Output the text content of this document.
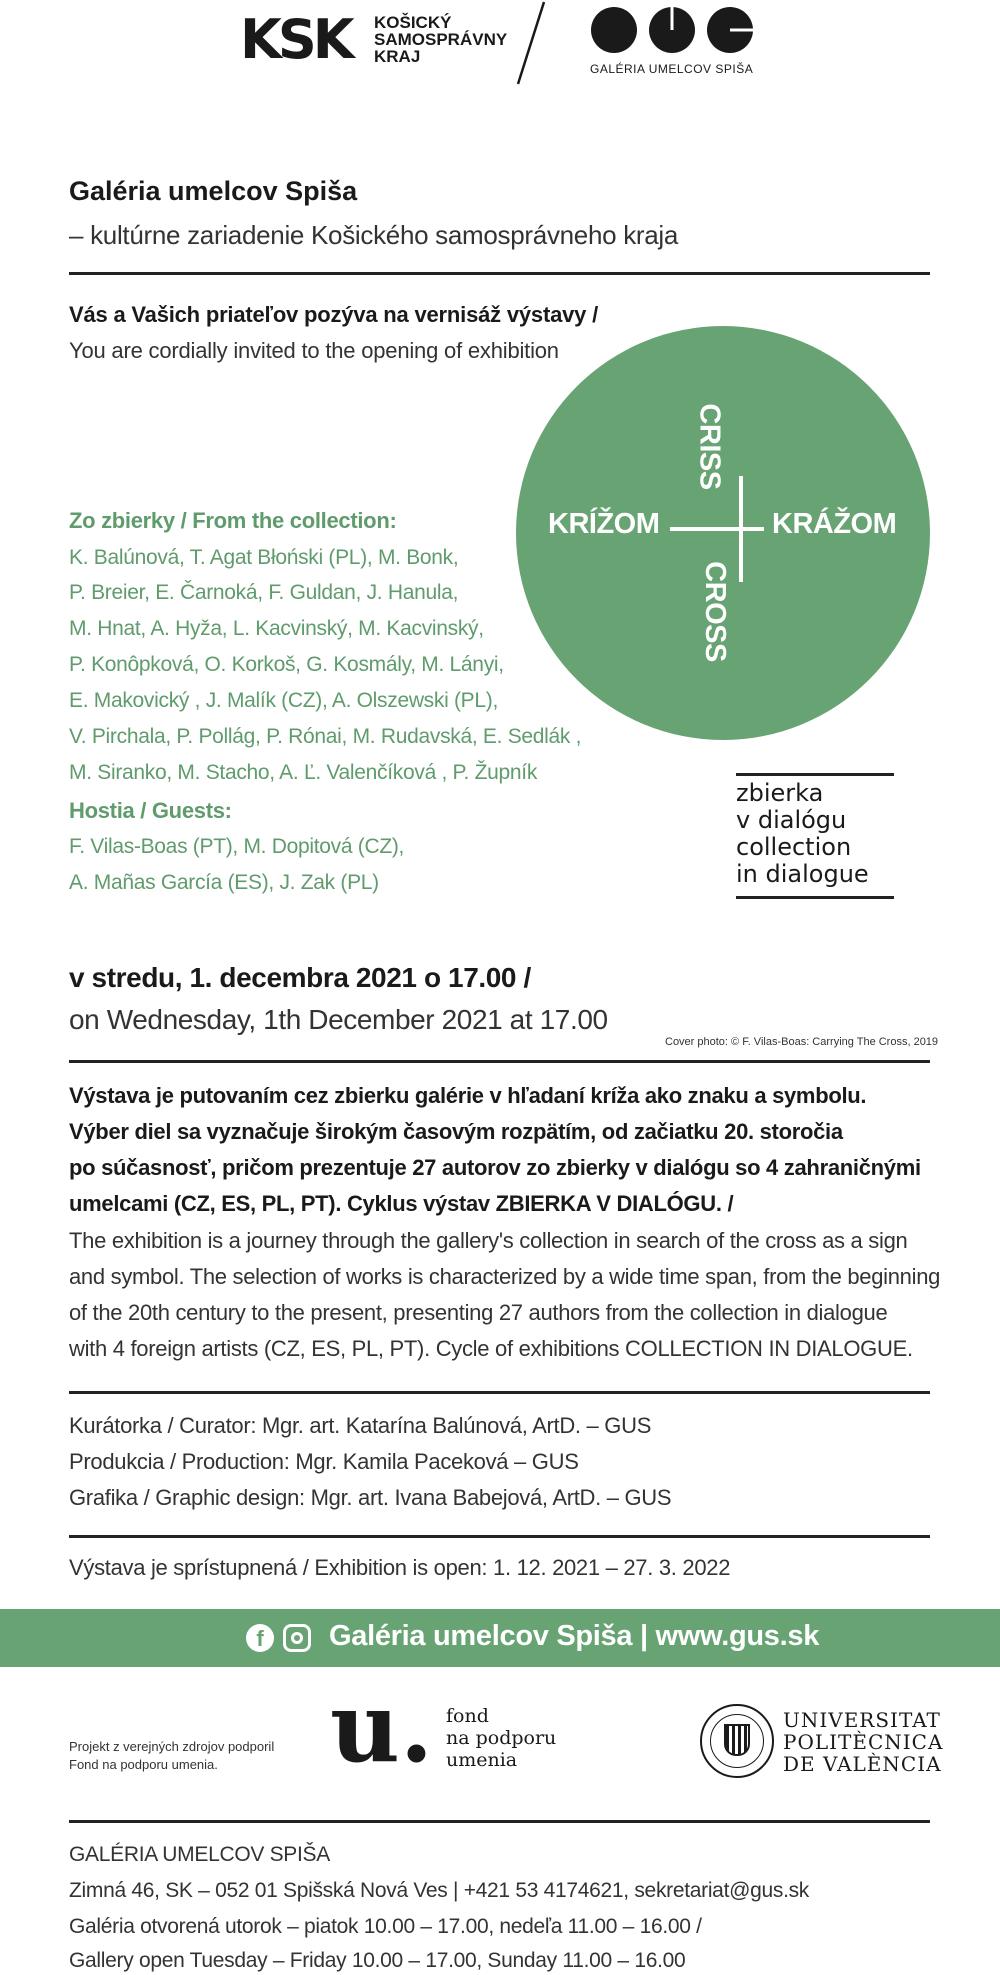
KSK KOŠICKÝ
SAMOSPRÁVNY
KRAJ
GALÉRIA UMELCOV SPIŠA
Galéria umelcov Spiša
– kultúrne zariadenie Košického samosprávneho kraja
Vás a Vašich priateľov pozýva na vernisáž výstavy /
You are cordially invited to the opening of exhibition
KRÍŽOM	KRÁŽOM
CRISS
CROSS
Zo zbierky / From the collection:
K. Balúnová, T. Agat Błoński (PL), M. Bonk,
P. Breier, E. Čarnoká, F. Guldan, J. Hanula,
M. Hnat, A. Hyža, L. Kacvinský, M. Kacvinský,
P. Konôpková, O. Korkoš, G. Kosmály, M. Lányi,
E. Makovický , J. Malík (CZ), A. Olszewski (PL),
V. Pirchala, P. Pollág, P. Rónai, M. Rudavská, E. Sedlák ,
M. Siranko, M. Stacho, A. Ľ. Valenčíková , P. Župník
Hostia / Guests:
F. Vilas-Boas (PT), M. Dopitová (CZ),
A. Mañas García (ES), J. Zak (PL)
zbierka
v dialógu
collection
in dialogue
v stredu, 1. decembra 2021 o 17.00 /
on Wednesday, 1th December 2021 at 17.00
Cover photo: © F. Vilas-Boas: Carrying The Cross, 2019
Výstava je putovaním cez zbierku galérie v hľadaní kríža ako znaku a symbolu.
Výber diel sa vyznačuje širokým časovým rozpätím, od začiatku 20. storočia
po súčasnosť, pričom prezentuje 27 autorov zo zbierky v dialógu so 4 zahraničnými
umelcami (CZ, ES, PL, PT). Cyklus výstav ZBIERKA V DIALÓGU. /
The exhibition is a journey through the gallery's collection in search of the cross as a sign
and symbol. The selection of works is characterized by a wide time span, from the beginning
of the 20th century to the present, presenting 27 authors from the collection in dialogue
with 4 foreign artists (CZ, ES, PL, PT). Cycle of exhibitions COLLECTION IN DIALOGUE.
Kurátorka / Curator: Mgr. art. Katarína Balúnová, ArtD. – GUS
Produkcia / Production: Mgr. Kamila Paceková – GUS
Grafika / Graphic design: Mgr. art. Ivana Babejová, ArtD. – GUS
Výstava je sprístupnená / Exhibition is open: 1. 12. 2021 – 27. 3. 2022
f	Galéria umelcov Spiša | www.gus.sk
Projekt z verejných zdrojov podporil
Fond na podporu umenia. u. fond
na podporu
umenia
UNIVERSITAT
POLITÈCNICA
DE VALÈNCIA
GALÉRIA UMELCOV SPIŠA
Zimná 46, SK – 052 01 Spišská Nová Ves | +421 53 4174621, sekretariat@gus.sk
Galéria otvorená utorok – piatok 10.00 – 17.00, nedeľa 11.00 – 16.00 /
Gallery open Tuesday – Friday 10.00 – 17.00, Sunday 11.00 – 16.00
